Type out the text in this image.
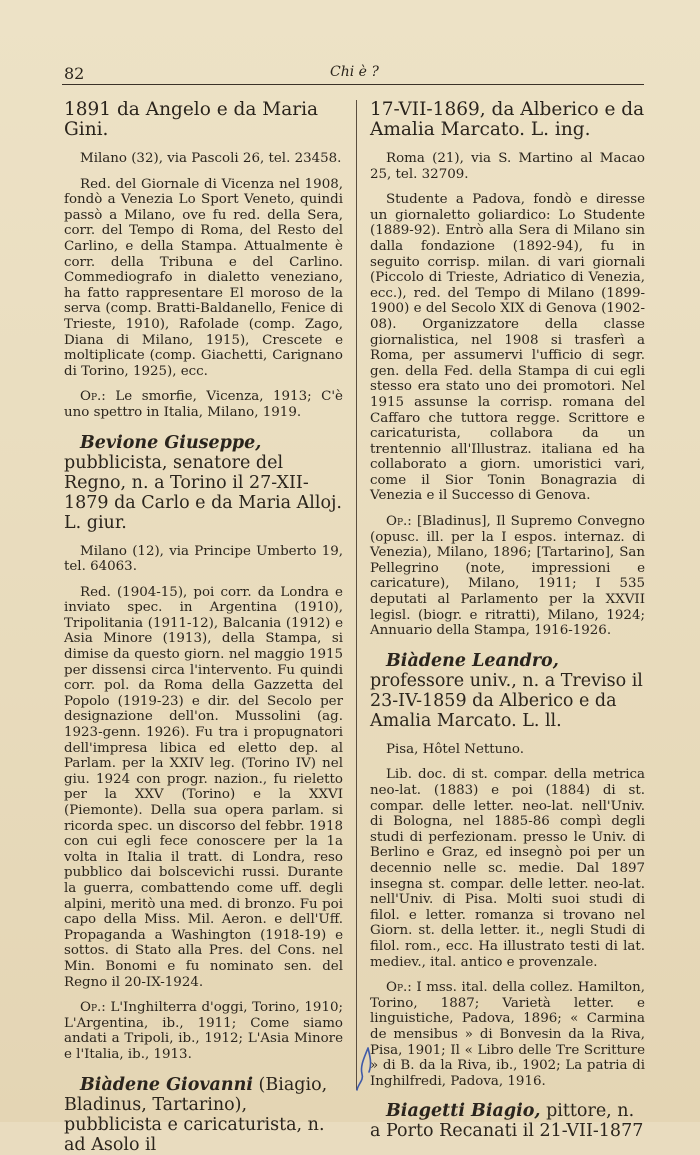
82	Chi è ?

1891 da Angelo e da Maria Gini.

Milano (32), via Pascoli 26, tel. 23458.

Red. del Giornale di Vicenza nel 1908, fondò a Venezia Lo Sport Veneto, quindi passò a Milano, ove fu red. della Sera, corr. del Tempo di Roma, del Resto del Carlino, e della Stampa. Attualmente è corr. della Tribuna e del Carlino. Commediografo in dialetto veneziano, ha fatto rappresentare El moroso de la serva (comp. Bratti-Baldanello, Fenice di Trieste, 1910), Rafolade (comp. Zago, Diana di Milano, 1915), Crescete e moltiplicate (comp. Giachetti, Carignano di Torino, 1925), ecc.

Op.: Le smorfie, Vicenza, 1913; C'è uno spettro in Italia, Milano, 1919.

Bevione Giuseppe, pubblicista, senatore del Regno, n. a Torino il 27-XII-1879 da Carlo e da Maria Alloj. L. giur.

Milano (12), via Principe Umberto 19, tel. 64063.

Red. (1904-15), poi corr. da Londra e inviato spec. in Argentina (1910), Tripolitania (1911-12), Balcania (1912) e Asia Minore (1913), della Stampa, si dimise da questo giorn. nel maggio 1915 per dissensi circa l'intervento. Fu quindi corr. pol. da Roma della Gazzetta del Popolo (1919-23) e dir. del Secolo per designazione dell'on. Mussolini (ag. 1923-genn. 1926). Fu tra i propugnatori dell'impresa libica ed eletto dep. al Parlam. per la XXIV leg. (Torino IV) nel giu. 1924 con progr. nazion., fu rieletto per la XXV (Torino) e la XXVI (Piemonte). Della sua opera parlam. si ricorda spec. un discorso del febbr. 1918 con cui egli fece conoscere per la 1a volta in Italia il tratt. di Londra, reso pubblico dai bolscevichi russi. Durante la guerra, combattendo come uff. degli alpini, meritò una med. di bronzo. Fu poi capo della Miss. Mil. Aeron. e dell'Uff. Propaganda a Washington (1918-19) e sottos. di Stato alla Pres. del Cons. nel Min. Bonomi e fu nominato sen. del Regno il 20-IX-1924.

Op.: L'Inghilterra d'oggi, Torino, 1910; L'Argentina, ib., 1911; Come siamo andati a Tripoli, ib., 1912; L'Asia Minore e l'Italia, ib., 1913.

Biàdene Giovanni (Biagio, Bladinus, Tartarino), pubblicista e caricaturista, n. ad Asolo il

17-VII-1869, da Alberico e da Amalia Marcato. L. ing.

Roma (21), via S. Martino al Macao 25, tel. 32709.

Studente a Padova, fondò e diresse un giornaletto goliardico: Lo Studente (1889-92). Entrò alla Sera di Milano sin dalla fondazione (1892-94), fu in seguito corrisp. milan. di vari giornali (Piccolo di Trieste, Adriatico di Venezia, ecc.), red. del Tempo di Milano (1899-1900) e del Secolo XIX di Genova (1902-08). Organizzatore della classe giornalistica, nel 1908 si trasferì a Roma, per assumervi l'ufficio di segr. gen. della Fed. della Stampa di cui egli stesso era stato uno dei promotori. Nel 1915 assunse la corrisp. romana del Caffaro che tuttora regge. Scrittore e caricaturista, collabora da un trentennio all'Illustraz. italiana ed ha collaborato a giorn. umoristici vari, come il Sior Tonin Bonagrazia di Venezia e il Successo di Genova.

Op.: [Bladinus], Il Supremo Convegno (opusc. ill. per la I espos. internaz. di Venezia), Milano, 1896; [Tartarino], San Pellegrino (note, impressioni e caricature), Milano, 1911; I 535 deputati al Parlamento per la XXVII legisl. (biogr. e ritratti), Milano, 1924; Annuario della Stampa, 1916-1926.

Biàdene Leandro, professore univ., n. a Treviso il 23-IV-1859 da Alberico e da Amalia Marcato. L. ll.

Pisa, Hôtel Nettuno.

Lib. doc. di st. compar. della metrica neo-lat. (1883) e poi (1884) di st. compar. delle letter. neo-lat. nell'Univ. di Bologna, nel 1885-86 compì degli studi di perfezionam. presso le Univ. di Berlino e Graz, ed insegnò poi per un decennio nelle sc. medie. Dal 1897 insegna st. compar. delle letter. neo-lat. nell'Univ. di Pisa. Molti suoi studi di filol. e letter. romanza si trovano nel Giorn. st. della letter. it., negli Studi di filol. rom., ecc. Ha illustrato testi di lat. mediev., ital. antico e provenzale.

Op.: I mss. ital. della collez. Hamilton, Torino, 1887; Varietà letter. e linguistiche, Padova, 1896; « Carmina de mensibus » di Bonvesin da la Riva, Pisa, 1901; Il « Libro delle Tre Scritture » di B. da la Riva, ib., 1902; La patria di Inghilfredi, Padova, 1916.

Biagetti Biagio, pittore, n. a Porto Recanati il 21-VII-1877
